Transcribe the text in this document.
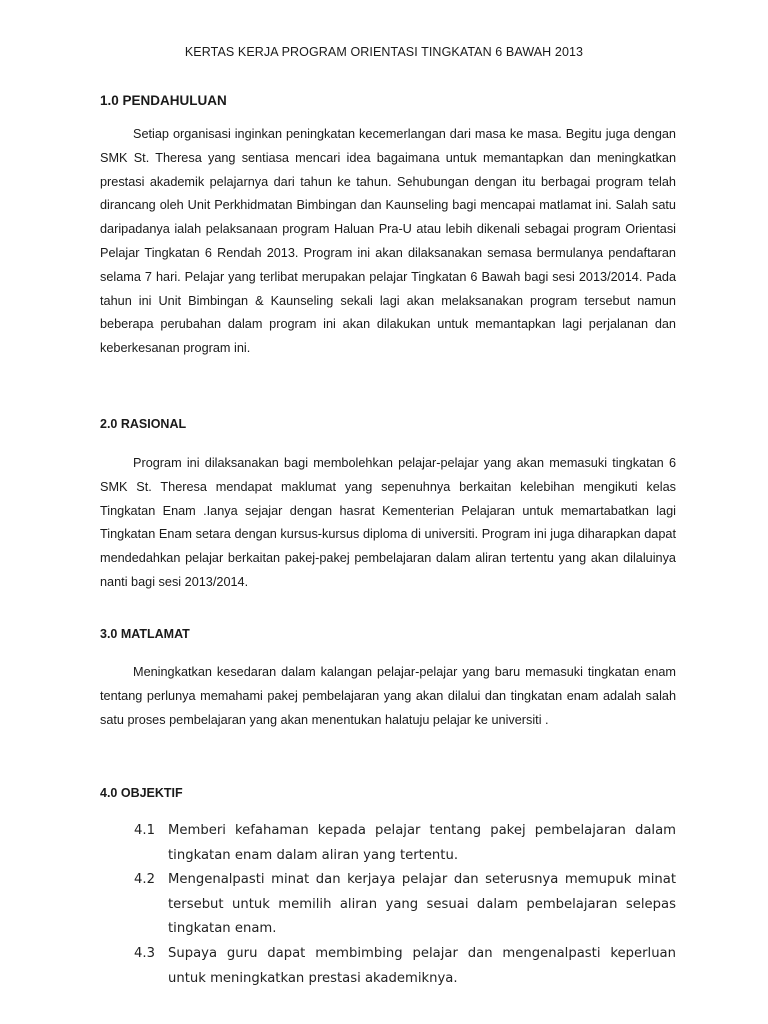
KERTAS KERJA PROGRAM ORIENTASI TINGKATAN 6 BAWAH 2013
1.0 PENDAHULUAN

Setiap organisasi inginkan peningkatan kecemerlangan dari masa ke masa. Begitu juga dengan SMK St. Theresa yang sentiasa mencari idea bagaimana untuk memantapkan dan meningkatkan prestasi akademik pelajarnya dari tahun ke tahun. Sehubungan dengan itu berbagai program telah dirancang oleh Unit Perkhidmatan Bimbingan dan Kaunseling bagi mencapai matlamat ini. Salah satu daripadanya ialah pelaksanaan program Haluan Pra-U atau lebih dikenali sebagai program Orientasi Pelajar Tingkatan 6 Rendah 2013. Program ini akan dilaksanakan semasa bermulanya pendaftaran selama 7 hari. Pelajar yang terlibat merupakan pelajar Tingkatan 6 Bawah bagi sesi 2013/2014. Pada tahun ini Unit Bimbingan & Kaunseling sekali lagi akan melaksanakan program tersebut namun beberapa perubahan dalam program ini akan dilakukan untuk memantapkan lagi perjalanan dan keberkesanan program ini.

2.0 RASIONAL

Program ini dilaksanakan bagi membolehkan pelajar-pelajar yang akan memasuki tingkatan 6 SMK St. Theresa mendapat maklumat yang sepenuhnya berkaitan kelebihan mengikuti kelas Tingkatan Enam .Ianya sejajar dengan hasrat Kementerian Pelajaran untuk memartabatkan lagi Tingkatan Enam setara dengan kursus-kursus diploma di universiti. Program ini juga diharapkan dapat mendedahkan pelajar berkaitan pakej-pakej pembelajaran dalam aliran tertentu yang akan dilaluinya nanti bagi sesi 2013/2014.

3.0 MATLAMAT

Meningkatkan kesedaran dalam kalangan pelajar-pelajar yang baru memasuki tingkatan enam tentang perlunya memahami pakej pembelajaran yang akan dilalui dan tingkatan enam adalah salah satu proses pembelajaran yang akan menentukan halatuju pelajar ke universiti .

4.0 OBJEKTIF
4.1 Memberi kefahaman kepada pelajar tentang pakej pembelajaran dalam tingkatan enam dalam aliran yang tertentu.
4.2 Mengenalpasti minat dan kerjaya pelajar dan seterusnya memupuk minat tersebut untuk memilih aliran yang sesuai dalam pembelajaran selepas tingkatan enam.
4.3 Supaya guru dapat membimbing pelajar dan mengenalpasti keperluan untuk meningkatkan prestasi akademiknya.
